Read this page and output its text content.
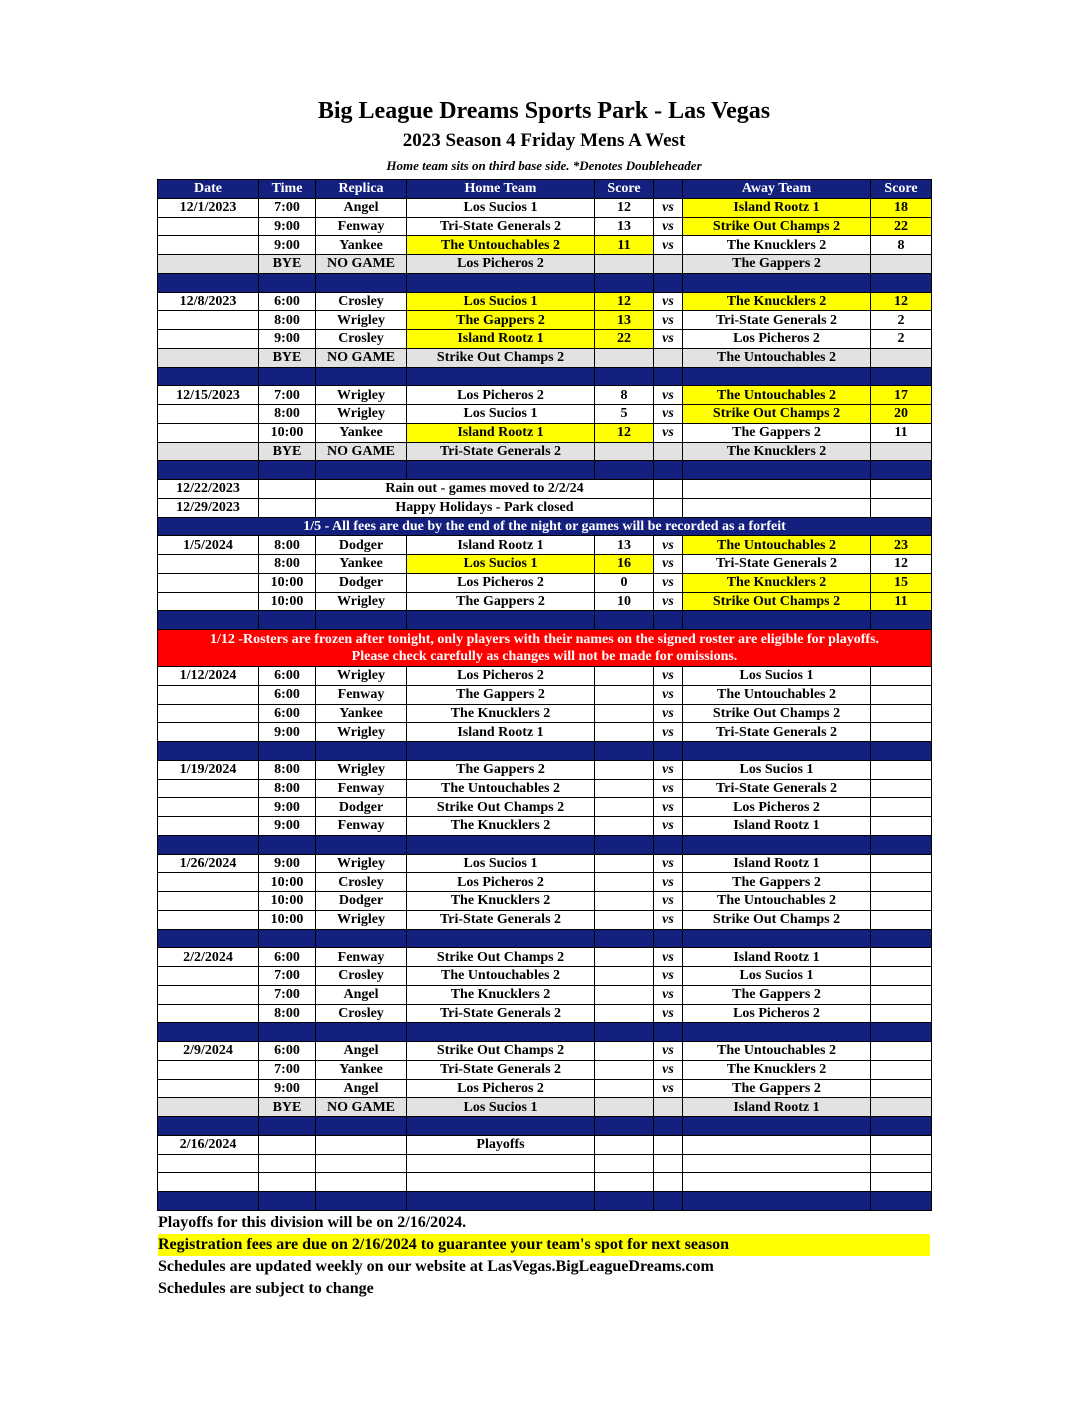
Big League Dreams Sports Park - Las Vegas
2023 Season 4 Friday Mens A West
Home team sits on third base side. *Denotes Doubleheader
Date	Time	Replica	Home Team	Score		Away Team	Score
12/1/2023	7:00	Angel	Los Sucios 1	12	vs	Island Rootz 1	18
	9:00	Fenway	Tri-State Generals 2	13	vs	Strike Out Champs 2	22
	9:00	Yankee	The Untouchables 2	11	vs	The Knucklers 2	8
	BYE	NO GAME	Los Picheros 2			The Gappers 2	

12/8/2023	6:00	Crosley	Los Sucios 1	12	vs	The Knucklers 2	12
	8:00	Wrigley	The Gappers 2	13	vs	Tri-State Generals 2	2
	9:00	Crosley	Island Rootz 1	22	vs	Los Picheros 2	2
	BYE	NO GAME	Strike Out Champs 2			The Untouchables 2	

12/15/2023	7:00	Wrigley	Los Picheros 2	8	vs	The Untouchables 2	17
	8:00	Wrigley	Los Sucios 1	5	vs	Strike Out Champs 2	20
	10:00	Yankee	Island Rootz 1	12	vs	The Gappers 2	11
	BYE	NO GAME	Tri-State Generals 2			The Knucklers 2	

12/22/2023		Rain out - games moved to 2/2/24					
12/29/2023		Happy Holidays - Park closed					
1/5 - All fees are due by the end of the night or games will be recorded as a forfeit							
1/5/2024	8:00	Dodger	Island Rootz 1	13	vs	The Untouchables 2	23
	8:00	Yankee	Los Sucios 1	16	vs	Tri-State Generals 2	12
	10:00	Dodger	Los Picheros 2	0	vs	The Knucklers 2	15
	10:00	Wrigley	The Gappers 2	10	vs	Strike Out Champs 2	11

1/12 -Rosters are frozen after tonight, only players with their names on the signed roster are eligible for playoffs.
Please check carefully as changes will not be made for omissions.							

1/12/2024	6:00	Wrigley	Los Picheros 2		vs	Los Sucios 1	
	6:00	Fenway	The Gappers 2		vs	The Untouchables 2	
	6:00	Yankee	The Knucklers 2		vs	Strike Out Champs 2	
	9:00	Wrigley	Island Rootz 1		vs	Tri-State Generals 2	

1/19/2024	8:00	Wrigley	The Gappers 2		vs	Los Sucios 1	
	8:00	Fenway	The Untouchables 2		vs	Tri-State Generals 2	
	9:00	Dodger	Strike Out Champs 2		vs	Los Picheros 2	
	9:00	Fenway	The Knucklers 2		vs	Island Rootz 1	

1/26/2024	9:00	Wrigley	Los Sucios 1		vs	Island Rootz 1	
	10:00	Crosley	Los Picheros 2		vs	The Gappers 2	
	10:00	Dodger	The Knucklers 2		vs	The Untouchables 2	
	10:00	Wrigley	Tri-State Generals 2		vs	Strike Out Champs 2	

2/2/2024	6:00	Fenway	Strike Out Champs 2		vs	Island Rootz 1	
	7:00	Crosley	The Untouchables 2		vs	Los Sucios 1	
	7:00	Angel	The Knucklers 2		vs	The Gappers 2	
	8:00	Crosley	Tri-State Generals 2		vs	Los Picheros 2	

2/9/2024	6:00	Angel	Strike Out Champs 2		vs	The Untouchables 2	
	7:00	Yankee	Tri-State Generals 2		vs	The Knucklers 2	
	9:00	Angel	Los Picheros 2		vs	The Gappers 2	
	BYE	NO GAME	Los Sucios 1			Island Rootz 1	

2/16/2024			Playoffs				

Playoffs for this division will be on 2/16/2024.
Registration fees are due on 2/16/2024 to guarantee your team's spot for next season
Schedules are updated weekly on our website at LasVegas.BigLeagueDreams.com
Schedules are subject to change
